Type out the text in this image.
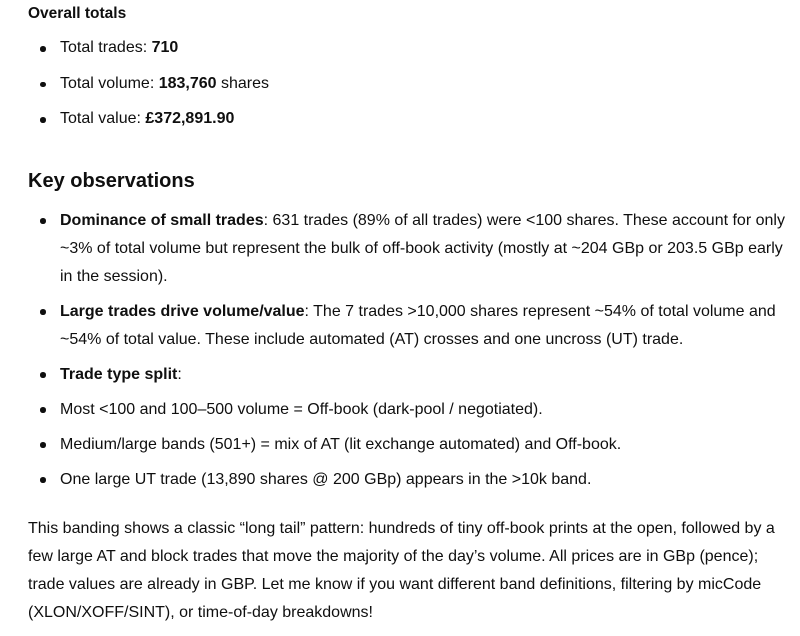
Overall totals

Total trades: 710
Total volume: 183,760 shares
Total value: £372,891.90
Key observations
Dominance of small trades: 631 trades (89% of all trades) were <100 shares. These account for only ~3% of total volume but represent the bulk of off-book activity (mostly at ~204 GBp or 203.5 GBp early in the session).
Large trades drive volume/value: The 7 trades >10,000 shares represent ~54% of total volume and ~54% of total value. These include automated (AT) crosses and one uncross (UT) trade.
Trade type split:
Most <100 and 100–500 volume = Off-book (dark-pool / negotiated).
Medium/large bands (501+) = mix of AT (lit exchange automated) and Off-book.
One large UT trade (13,890 shares @ 200 GBp) appears in the >10k band.

This banding shows a classic “long tail” pattern: hundreds of tiny off-book prints at the open, followed by a few large AT and block trades that move the majority of the day’s volume. All prices are in GBp (pence); trade values are already in GBP. Let me know if you want different band definitions, filtering by micCode (XLON/XOFF/SINT), or time-of-day breakdowns!
